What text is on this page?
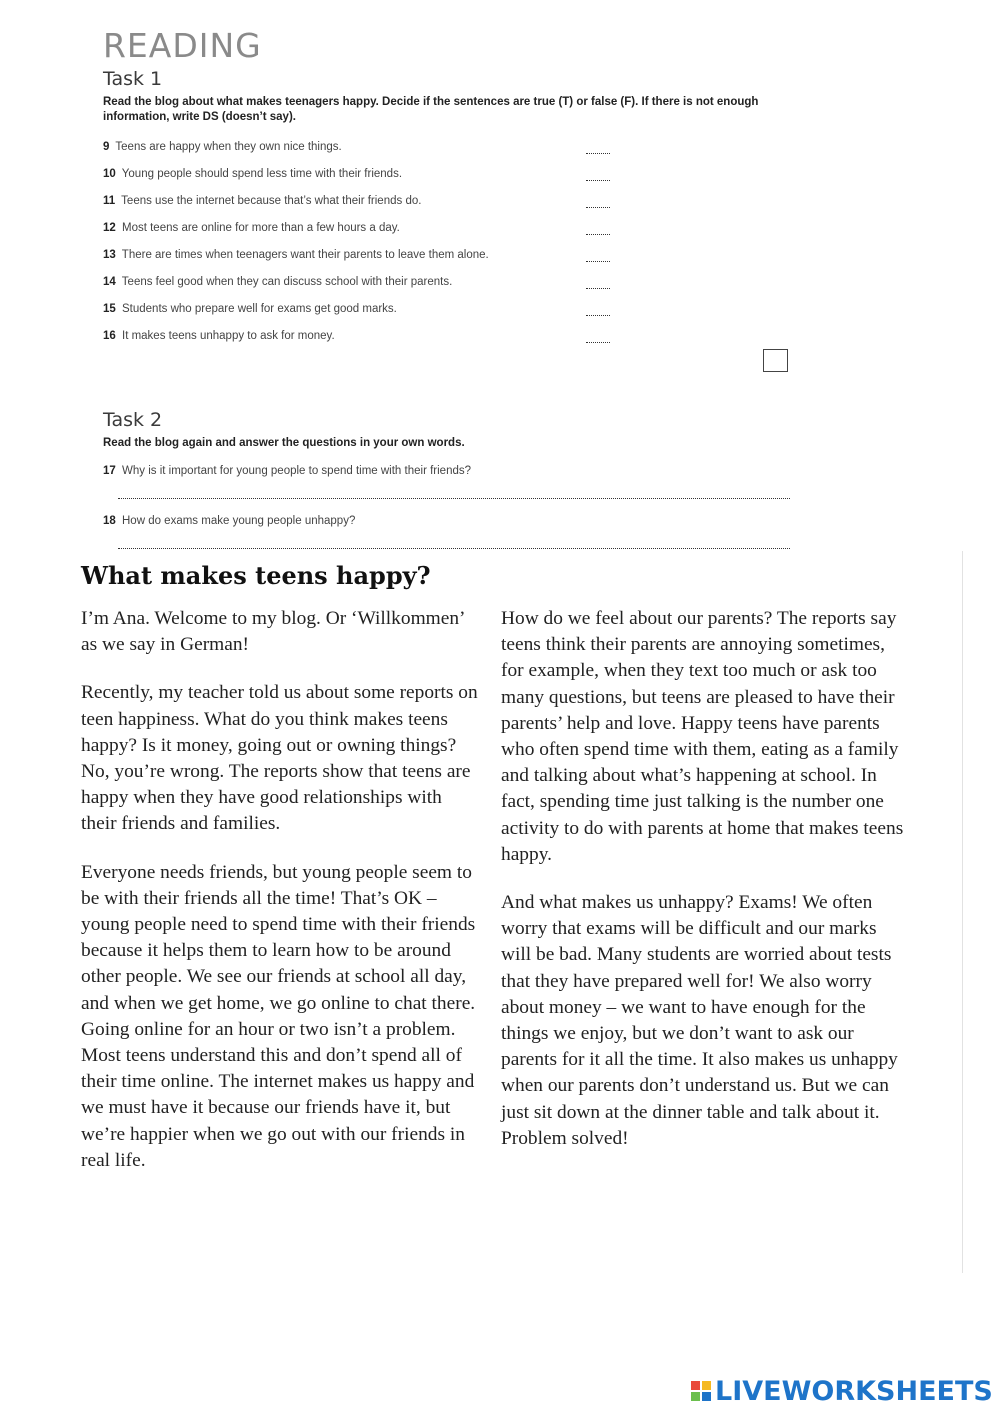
READING
Task 1

Read the blog about what makes teenagers happy. Decide if the sentences are true (T) or false (F). If there is not enough information, write DS (doesn’t say).

9 Teens are happy when they own nice things.
10 Young people should spend less time with their friends.
11 Teens use the internet because that’s what their friends do.
12 Most teens are online for more than a few hours a day.
13 There are times when teenagers want their parents to leave them alone.
14 Teens feel good when they can discuss school with their parents.
15 Students who prepare well for exams get good marks.
16 It makes teens unhappy to ask for money.
Task 2

Read the blog again and answer the questions in your own words.

17 Why is it important for young people to spend time with their friends?
18 How do exams make young people unhappy?
What makes teens happy?

I’m Ana. Welcome to my blog. Or ‘Willkommen’ as we say in German!

Recently, my teacher told us about some reports on teen happiness. What do you think makes teens happy? Is it money, going out or owning things? No, you’re wrong. The reports show that teens are happy when they have good relationships with their friends and families.

Everyone needs friends, but young people seem to be with their friends all the time! That’s OK – young people need to spend time with their friends because it helps them to learn how to be around other people. We see our friends at school all day, and when we get home, we go online to chat there. Going online for an hour or two isn’t a problem. Most teens understand this and don’t spend all of their time online. The internet makes us happy and we must have it because our friends have it, but we’re happier when we go out with our friends in real life.

How do we feel about our parents? The reports say teens think their parents are annoying sometimes, for example, when they text too much or ask too many questions, but teens are pleased to have their parents’ help and love. Happy teens have parents who often spend time with them, eating as a family and talking about what’s happening at school. In fact, spending time just talking is the number one activity to do with parents at home that makes teens happy.

And what makes us unhappy? Exams! We often worry that exams will be difficult and our marks will be bad. Many students are worried about tests that they have prepared well for! We also worry about money – we want to have enough for the things we enjoy, but we don’t want to ask our parents for it all the time. It also makes us unhappy when our parents don’t understand us. But we can just sit down at the dinner table and talk about it. Problem solved!

LIVEWORKSHEETS
